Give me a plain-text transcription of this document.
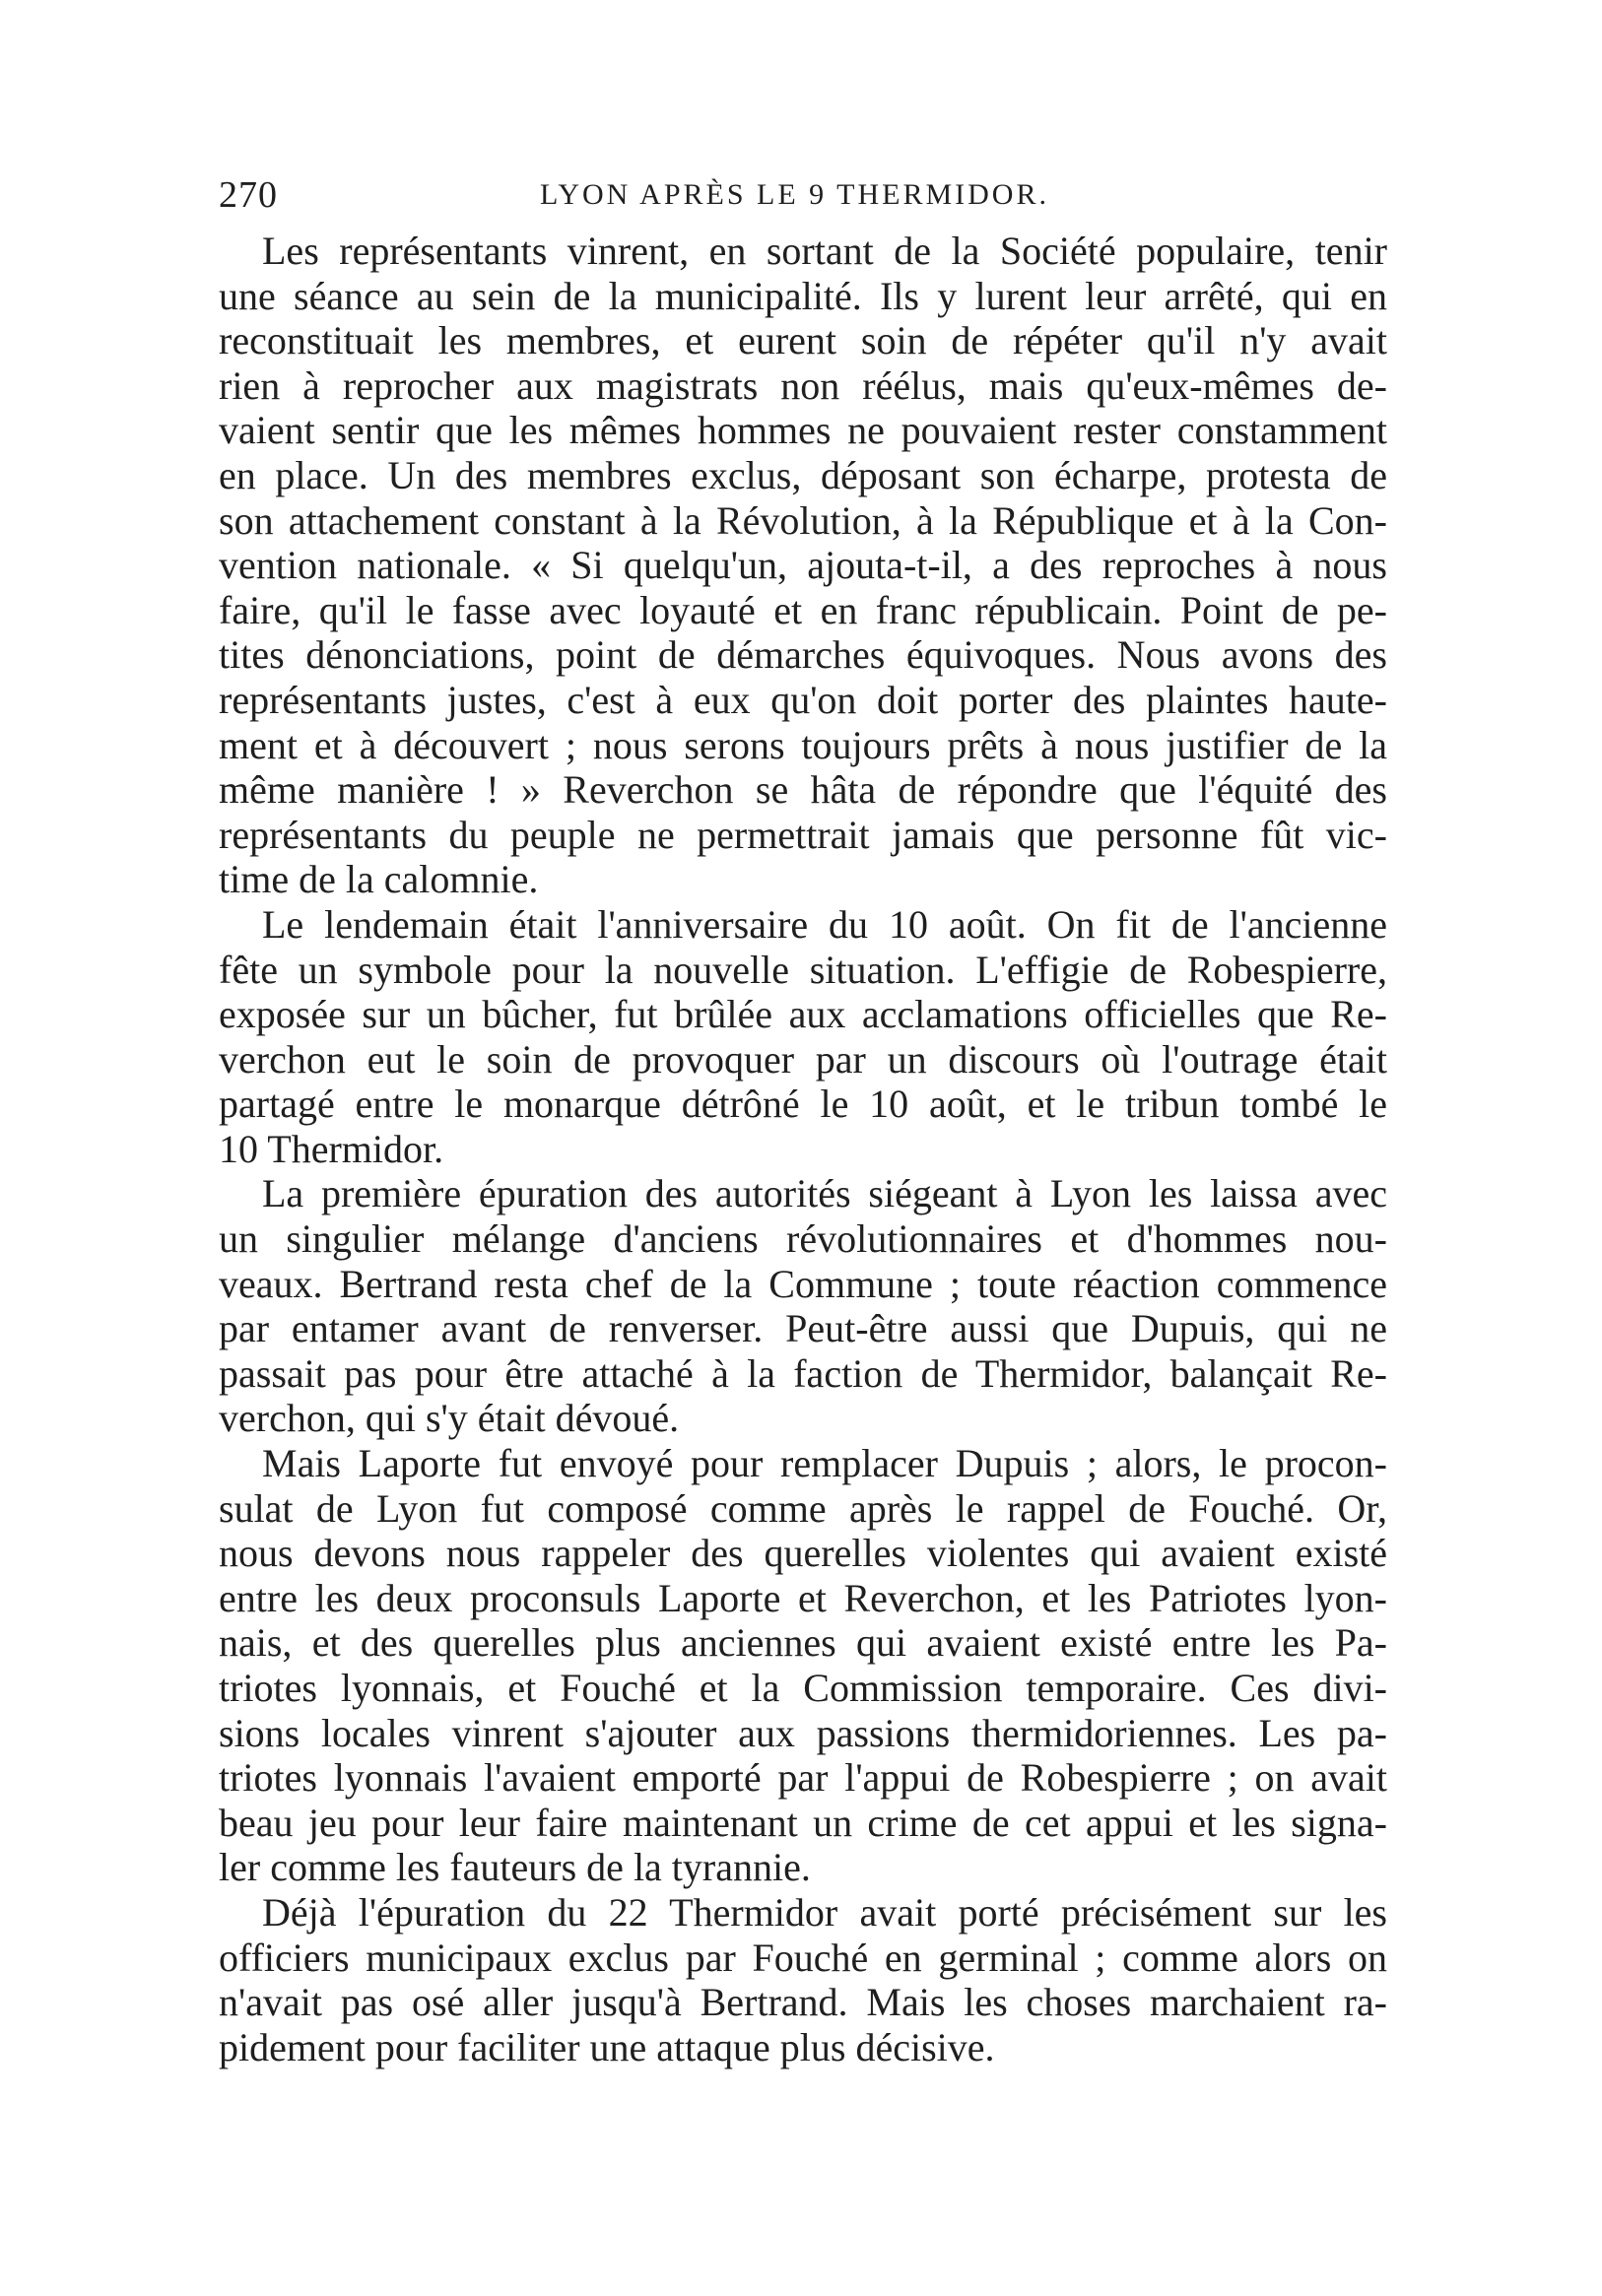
270	LYON APRÈS LE 9 THERMIDOR.
Les représentants vinrent, en sortant de la Société populaire, tenir
une séance au sein de la municipalité. Ils y lurent leur arrêté, qui en
reconstituait les membres, et eurent soin de répéter qu'il n'y avait
rien à reprocher aux magistrats non réélus, mais qu'eux-mêmes de-
vaient sentir que les mêmes hommes ne pouvaient rester constamment
en place. Un des membres exclus, déposant son écharpe, protesta de
son attachement constant à la Révolution, à la République et à la Con-
vention nationale. « Si quelqu'un, ajouta-t-il, a des reproches à nous
faire, qu'il le fasse avec loyauté et en franc républicain. Point de pe-
tites dénonciations, point de démarches équivoques. Nous avons des
représentants justes, c'est à eux qu'on doit porter des plaintes haute-
ment et à découvert ; nous serons toujours prêts à nous justifier de la
même manière ! » Reverchon se hâta de répondre que l'équité des
représentants du peuple ne permettrait jamais que personne fût vic-
time de la calomnie.
Le lendemain était l'anniversaire du 10 août. On fit de l'ancienne
fête un symbole pour la nouvelle situation. L'effigie de Robespierre,
exposée sur un bûcher, fut brûlée aux acclamations officielles que Re-
verchon eut le soin de provoquer par un discours où l'outrage était
partagé entre le monarque détrôné le 10 août, et le tribun tombé le
10 Thermidor.
La première épuration des autorités siégeant à Lyon les laissa avec
un singulier mélange d'anciens révolutionnaires et d'hommes nou-
veaux. Bertrand resta chef de la Commune ; toute réaction commence
par entamer avant de renverser. Peut-être aussi que Dupuis, qui ne
passait pas pour être attaché à la faction de Thermidor, balançait Re-
verchon, qui s'y était dévoué.
Mais Laporte fut envoyé pour remplacer Dupuis ; alors, le procon-
sulat de Lyon fut composé comme après le rappel de Fouché. Or,
nous devons nous rappeler des querelles violentes qui avaient existé
entre les deux proconsuls Laporte et Reverchon, et les Patriotes lyon-
nais, et des querelles plus anciennes qui avaient existé entre les Pa-
triotes lyonnais, et Fouché et la Commission temporaire. Ces divi-
sions locales vinrent s'ajouter aux passions thermidoriennes. Les pa-
triotes lyonnais l'avaient emporté par l'appui de Robespierre ; on avait
beau jeu pour leur faire maintenant un crime de cet appui et les signa-
ler comme les fauteurs de la tyrannie.
Déjà l'épuration du 22 Thermidor avait porté précisément sur les
officiers municipaux exclus par Fouché en germinal ; comme alors on
n'avait pas osé aller jusqu'à Bertrand. Mais les choses marchaient ra-
pidement pour faciliter une attaque plus décisive.
